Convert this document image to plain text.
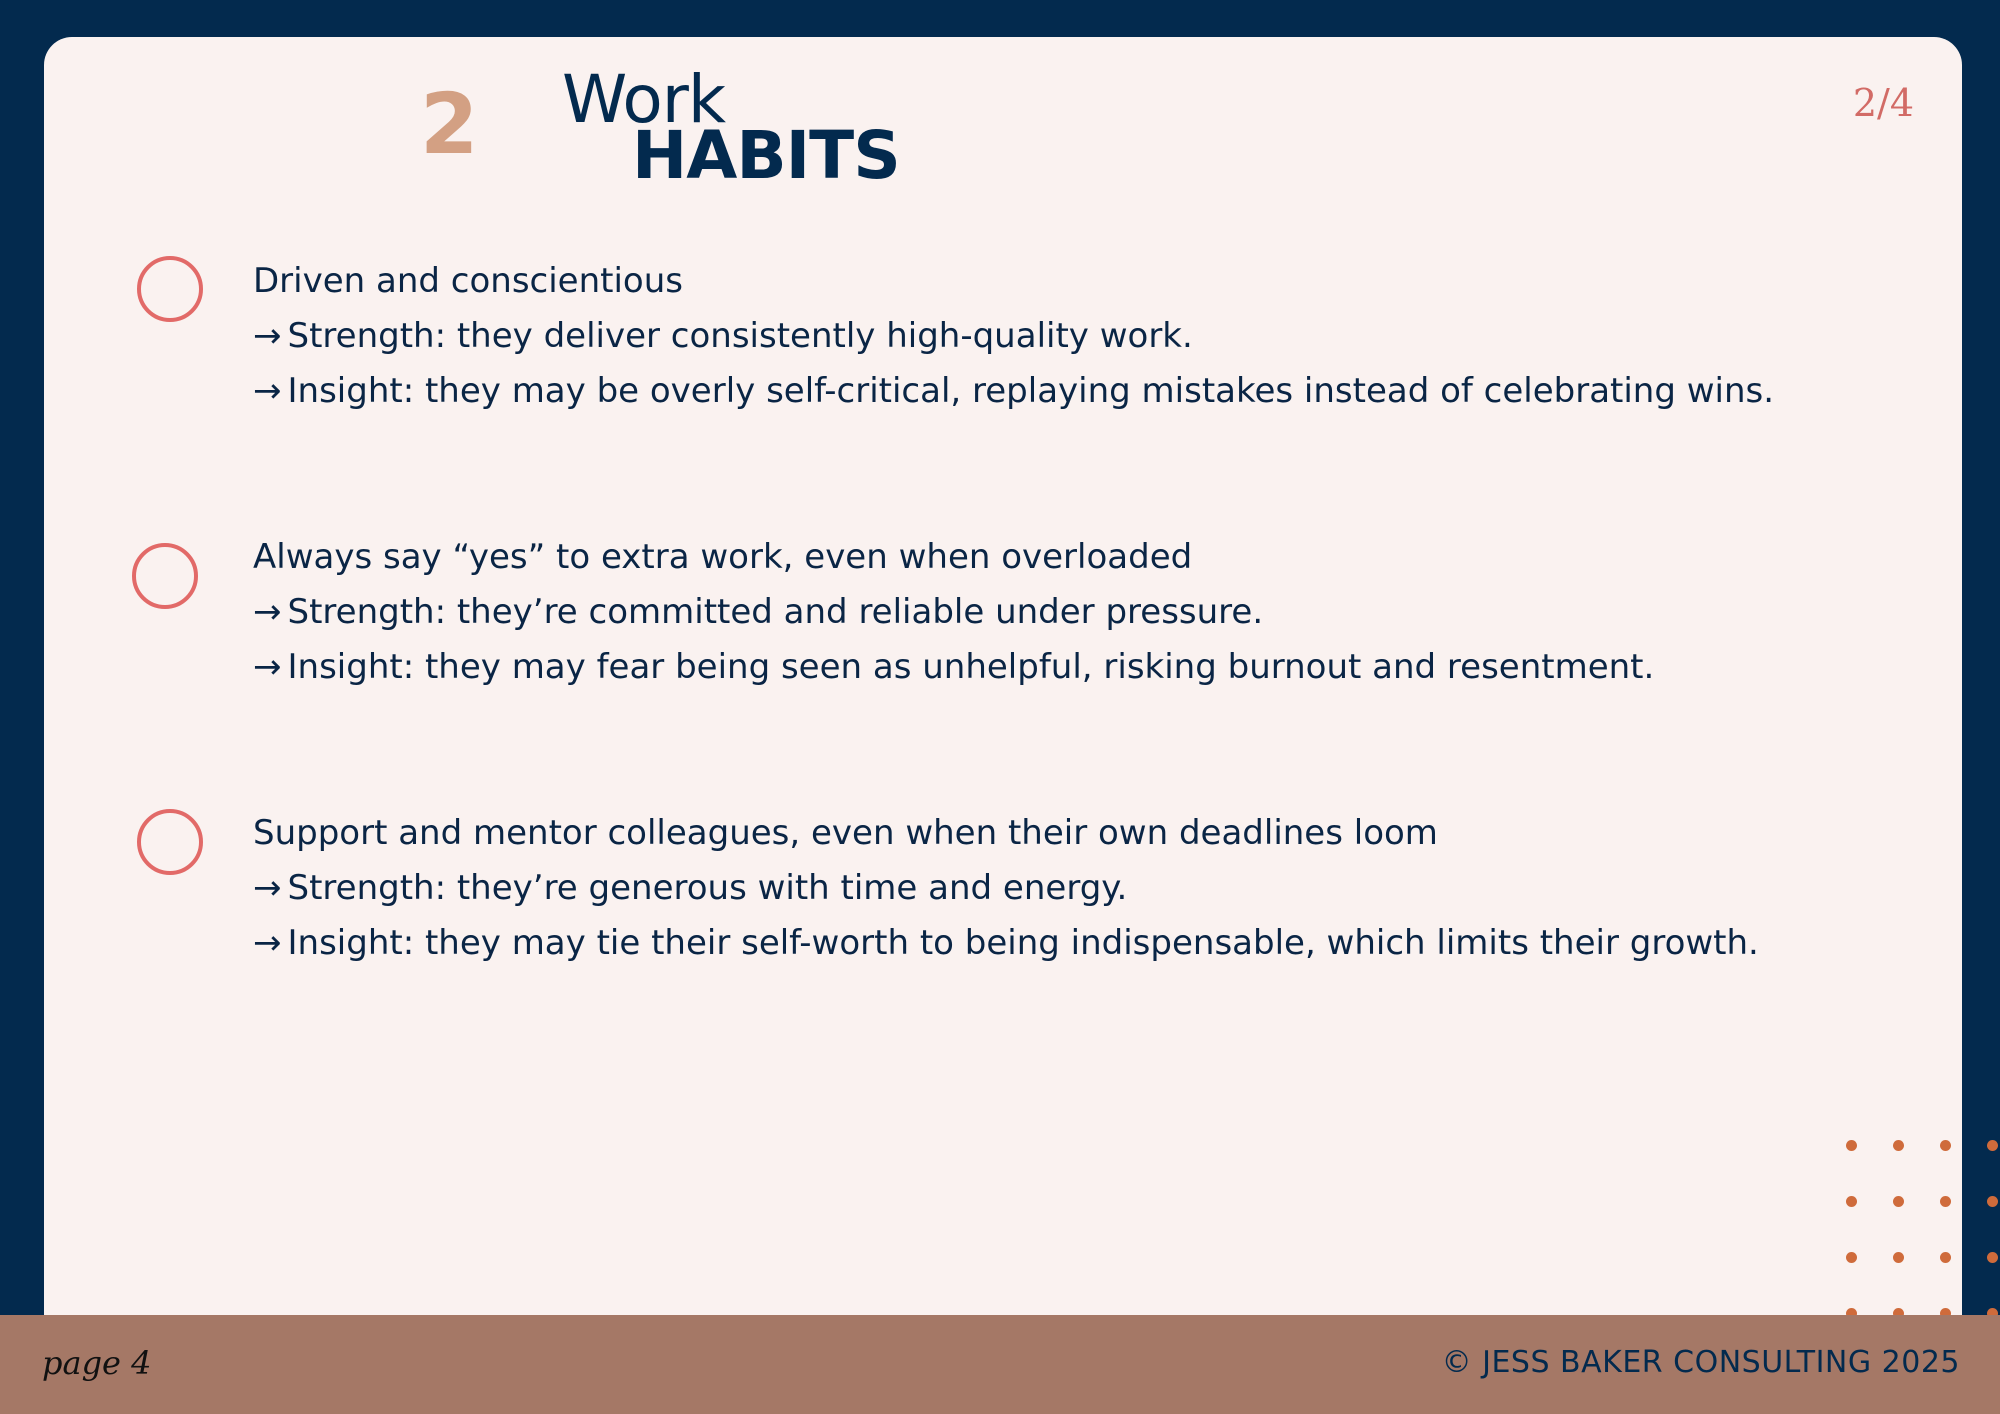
2 Work
HABITS
2/4
Driven and conscientious
→ Strength: they deliver consistently high-quality work.
→ Insight: they may be overly self-critical, replaying mistakes instead of celebrating wins.
Always say “yes” to extra work, even when overloaded
→ Strength: they’re committed and reliable under pressure.
→ Insight: they may fear being seen as unhelpful, risking burnout and resentment.
Support and mentor colleagues, even when their own deadlines loom
→ Strength: they’re generous with time and energy.
→ Insight: they may tie their self-worth to being indispensable, which limits their growth.
page 4	© JESS BAKER CONSULTING 2025
